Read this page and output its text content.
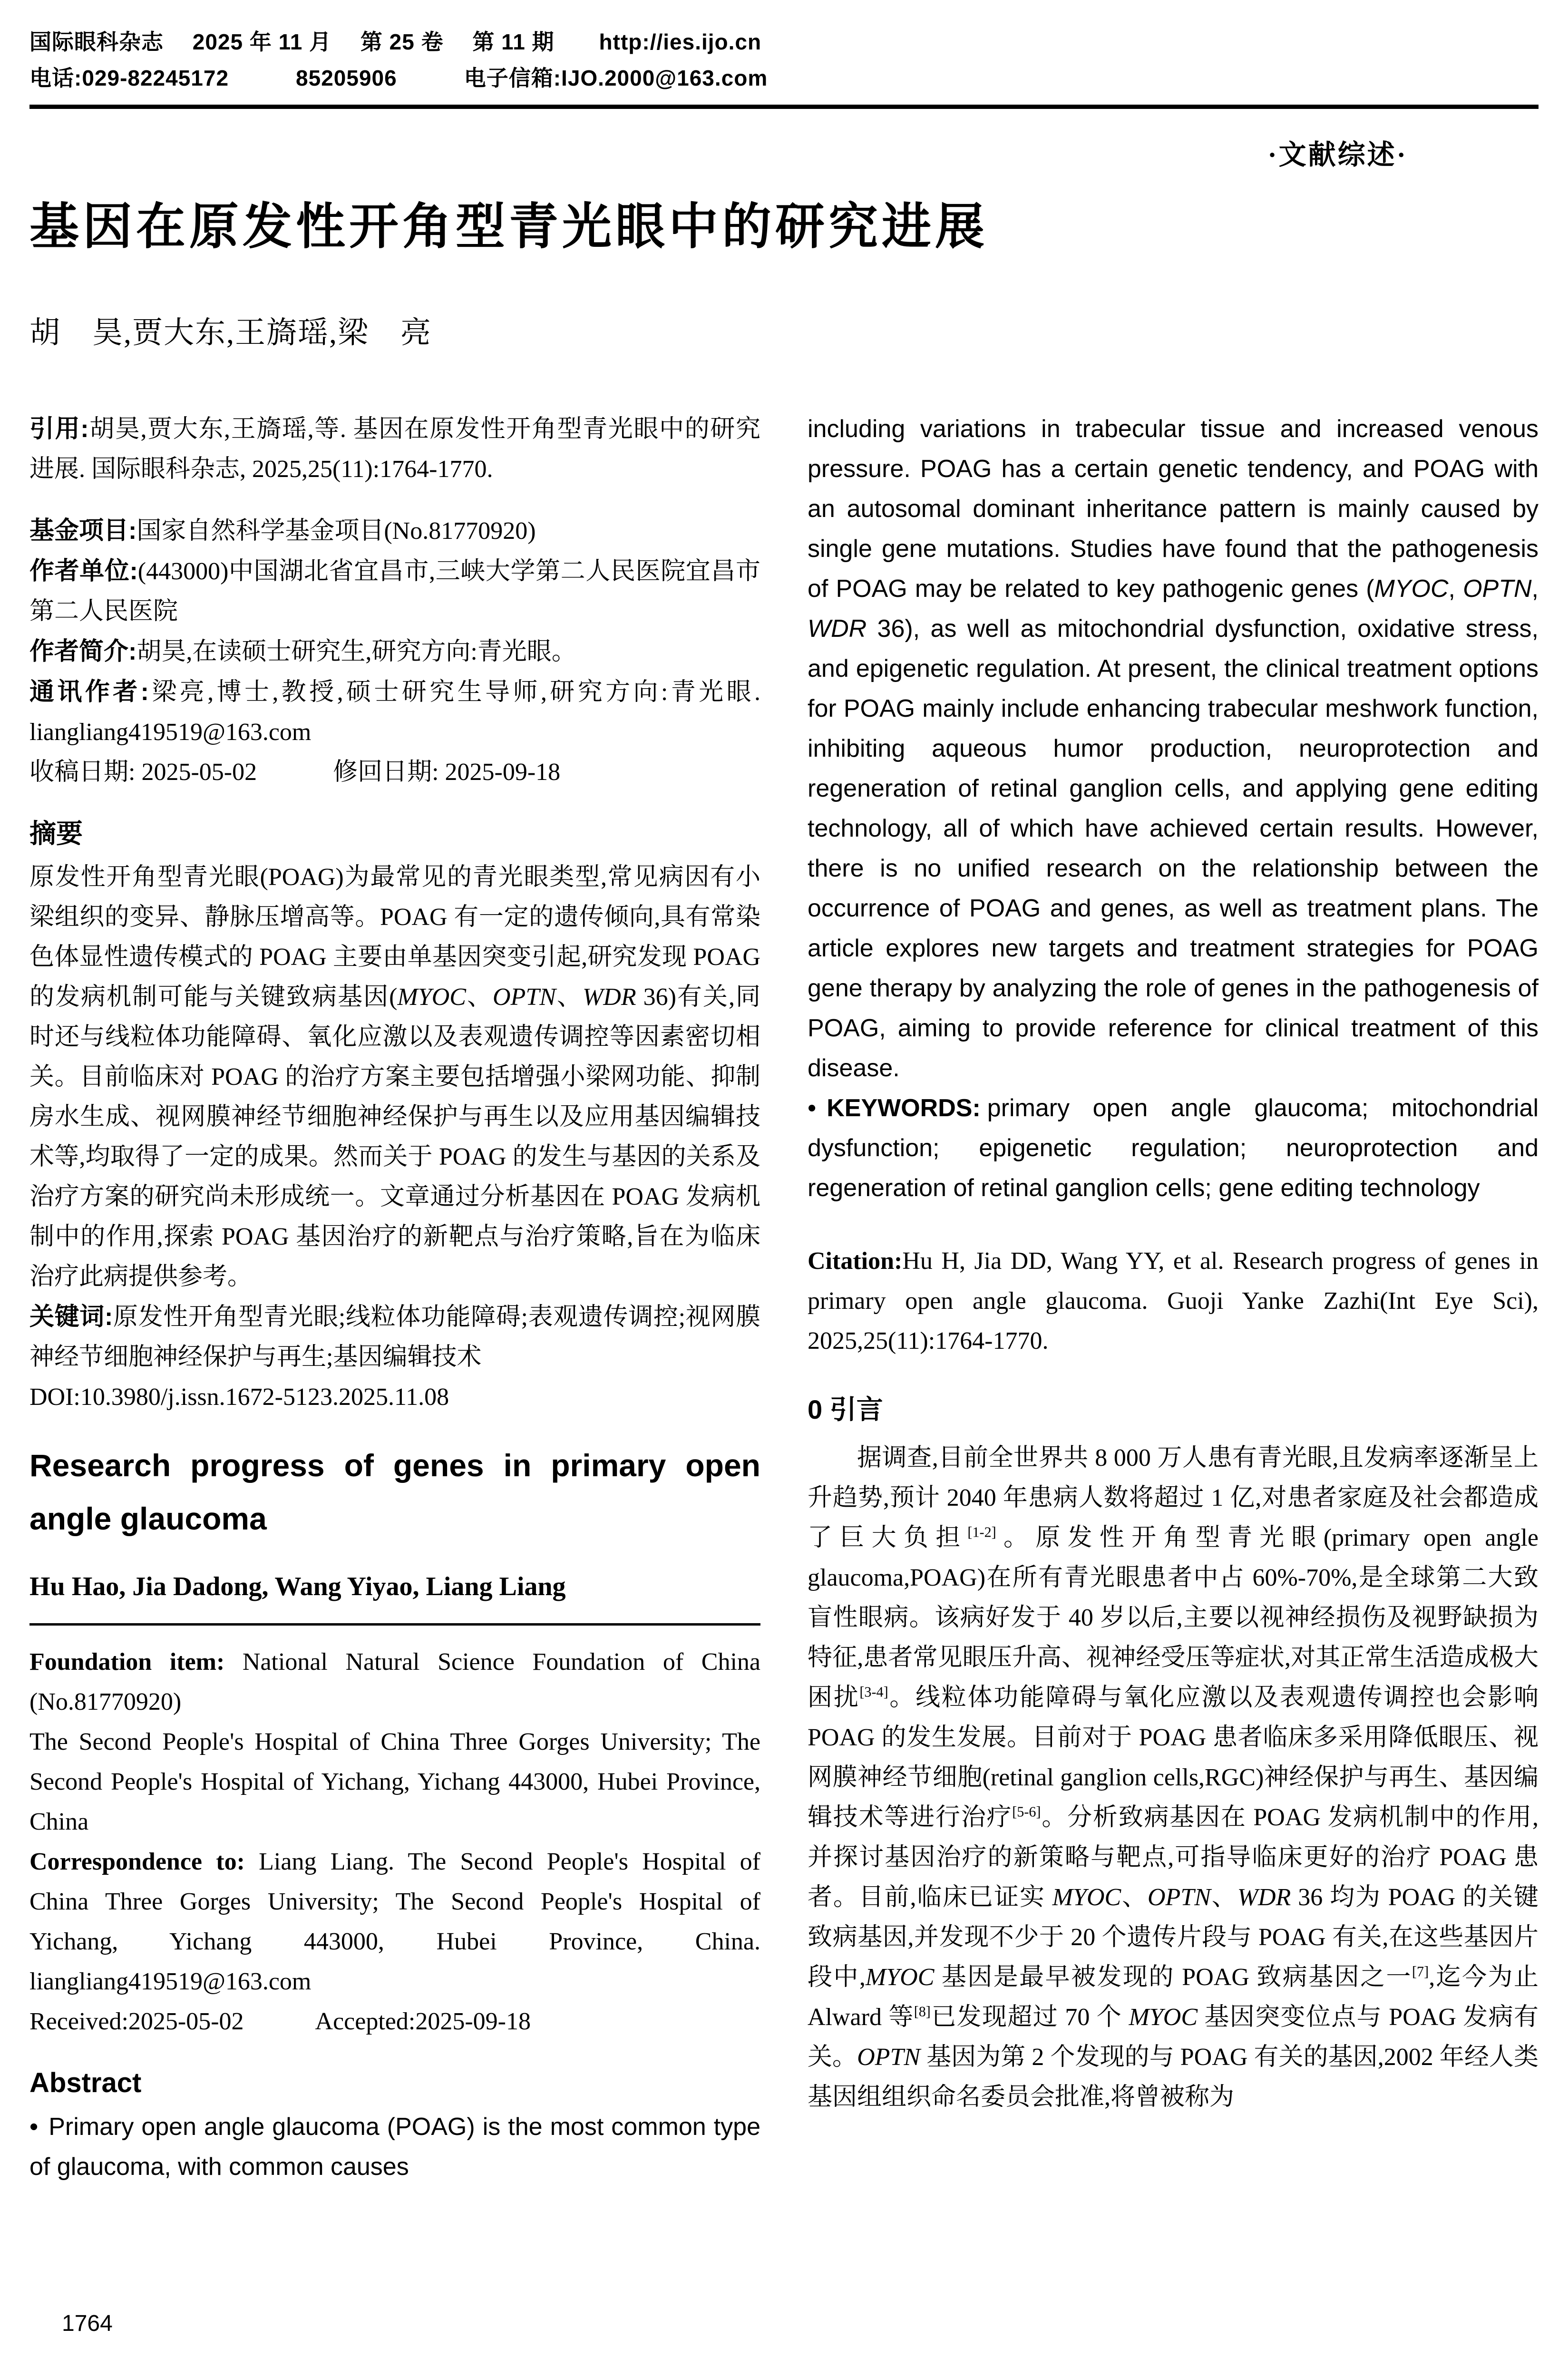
国际眼科杂志　 2025 年 11 月　 第 25 卷　 第 11 期　　http://ies.ijo.cn
电话:029-82245172　　　85205906　　　电子信箱:IJO.2000@163.com
·文献综述·
基因在原发性开角型青光眼中的研究进展
胡　昊,贾大东,王旖瑶,梁　亮

引用:胡昊,贾大东,王旖瑶,等. 基因在原发性开角型青光眼中的研究进展. 国际眼科杂志, 2025,25(11):1764-1770.

基金项目:国家自然科学基金项目(No.81770920)

作者单位:(443000)中国湖北省宜昌市,三峡大学第二人民医院宜昌市第二人民医院

作者简介:胡昊,在读硕士研究生,研究方向:青光眼。

通讯作者:梁亮,博士,教授,硕士研究生导师,研究方向:青光眼. liangliang419519@163.com

收稿日期: 2025-05-02	修回日期: 2025-09-18

摘要

原发性开角型青光眼(POAG)为最常见的青光眼类型,常见病因有小梁组织的变异、静脉压增高等。POAG 有一定的遗传倾向,具有常染色体显性遗传模式的 POAG 主要由单基因突变引起,研究发现 POAG 的发病机制可能与关键致病基因(MYOC、OPTN、WDR 36)有关,同时还与线粒体功能障碍、氧化应激以及表观遗传调控等因素密切相关。目前临床对 POAG 的治疗方案主要包括增强小梁网功能、抑制房水生成、视网膜神经节细胞神经保护与再生以及应用基因编辑技术等,均取得了一定的成果。然而关于 POAG 的发生与基因的关系及治疗方案的研究尚未形成统一。文章通过分析基因在 POAG 发病机制中的作用,探索 POAG 基因治疗的新靶点与治疗策略,旨在为临床治疗此病提供参考。

关键词:原发性开角型青光眼;线粒体功能障碍;表观遗传调控;视网膜神经节细胞神经保护与再生;基因编辑技术

DOI:10.3980/j.issn.1672-5123.2025.11.08

Research progress of genes in primary open angle glaucoma
Hu Hao, Jia Dadong, Wang Yiyao, Liang Liang

Foundation item: National Natural Science Foundation of China (No.81770920)

The Second People's Hospital of China Three Gorges University; The Second People's Hospital of Yichang, Yichang 443000, Hubei Province, China

Correspondence to: Liang Liang. The Second People's Hospital of China Three Gorges University; The Second People's Hospital of Yichang, Yichang 443000, Hubei Province, China. liangliang419519@163.com

Received:2025-05-02	Accepted:2025-09-18

Abstract

• Primary open angle glaucoma (POAG) is the most common type of glaucoma, with common causes

including variations in trabecular tissue and increased venous pressure. POAG has a certain genetic tendency, and POAG with an autosomal dominant inheritance pattern is mainly caused by single gene mutations. Studies have found that the pathogenesis of POAG may be related to key pathogenic genes (MYOC, OPTN, WDR 36), as well as mitochondrial dysfunction, oxidative stress, and epigenetic regulation. At present, the clinical treatment options for POAG mainly include enhancing trabecular meshwork function, inhibiting aqueous humor production, neuroprotection and regeneration of retinal ganglion cells, and applying gene editing technology, all of which have achieved certain results. However, there is no unified research on the relationship between the occurrence of POAG and genes, as well as treatment plans. The article explores new targets and treatment strategies for POAG gene therapy by analyzing the role of genes in the pathogenesis of POAG, aiming to provide reference for clinical treatment of this disease.

• KEYWORDS: primary open angle glaucoma; mitochondrial dysfunction; epigenetic regulation; neuroprotection and regeneration of retinal ganglion cells; gene editing technology

Citation:Hu H, Jia DD, Wang YY, et al. Research progress of genes in primary open angle glaucoma. Guoji Yanke Zazhi(Int Eye Sci), 2025,25(11):1764-1770.

0 引言

据调查,目前全世界共 8 000 万人患有青光眼,且发病率逐渐呈上升趋势,预计 2040 年患病人数将超过 1 亿,对患者家庭及社会都造成了巨大负担[1-2]。原发性开角型青光眼(primary open angle glaucoma,POAG)在所有青光眼患者中占 60%-70%,是全球第二大致盲性眼病。该病好发于 40 岁以后,主要以视神经损伤及视野缺损为特征,患者常见眼压升高、视神经受压等症状,对其正常生活造成极大困扰[3-4]。线粒体功能障碍与氧化应激以及表观遗传调控也会影响 POAG 的发生发展。目前对于 POAG 患者临床多采用降低眼压、视网膜神经节细胞(retinal ganglion cells,RGC)神经保护与再生、基因编辑技术等进行治疗[5-6]。分析致病基因在 POAG 发病机制中的作用,并探讨基因治疗的新策略与靶点,可指导临床更好的治疗 POAG 患者。目前,临床已证实 MYOC、OPTN、WDR 36 均为 POAG 的关键致病基因,并发现不少于 20 个遗传片段与 POAG 有关,在这些基因片段中,MYOC 基因是最早被发现的 POAG 致病基因之一[7],迄今为止 Alward 等[8]已发现超过 70 个 MYOC 基因突变位点与 POAG 发病有关。OPTN 基因为第 2 个发现的与 POAG 有关的基因,2002 年经人类基因组组织命名委员会批准,将曾被称为

1764
